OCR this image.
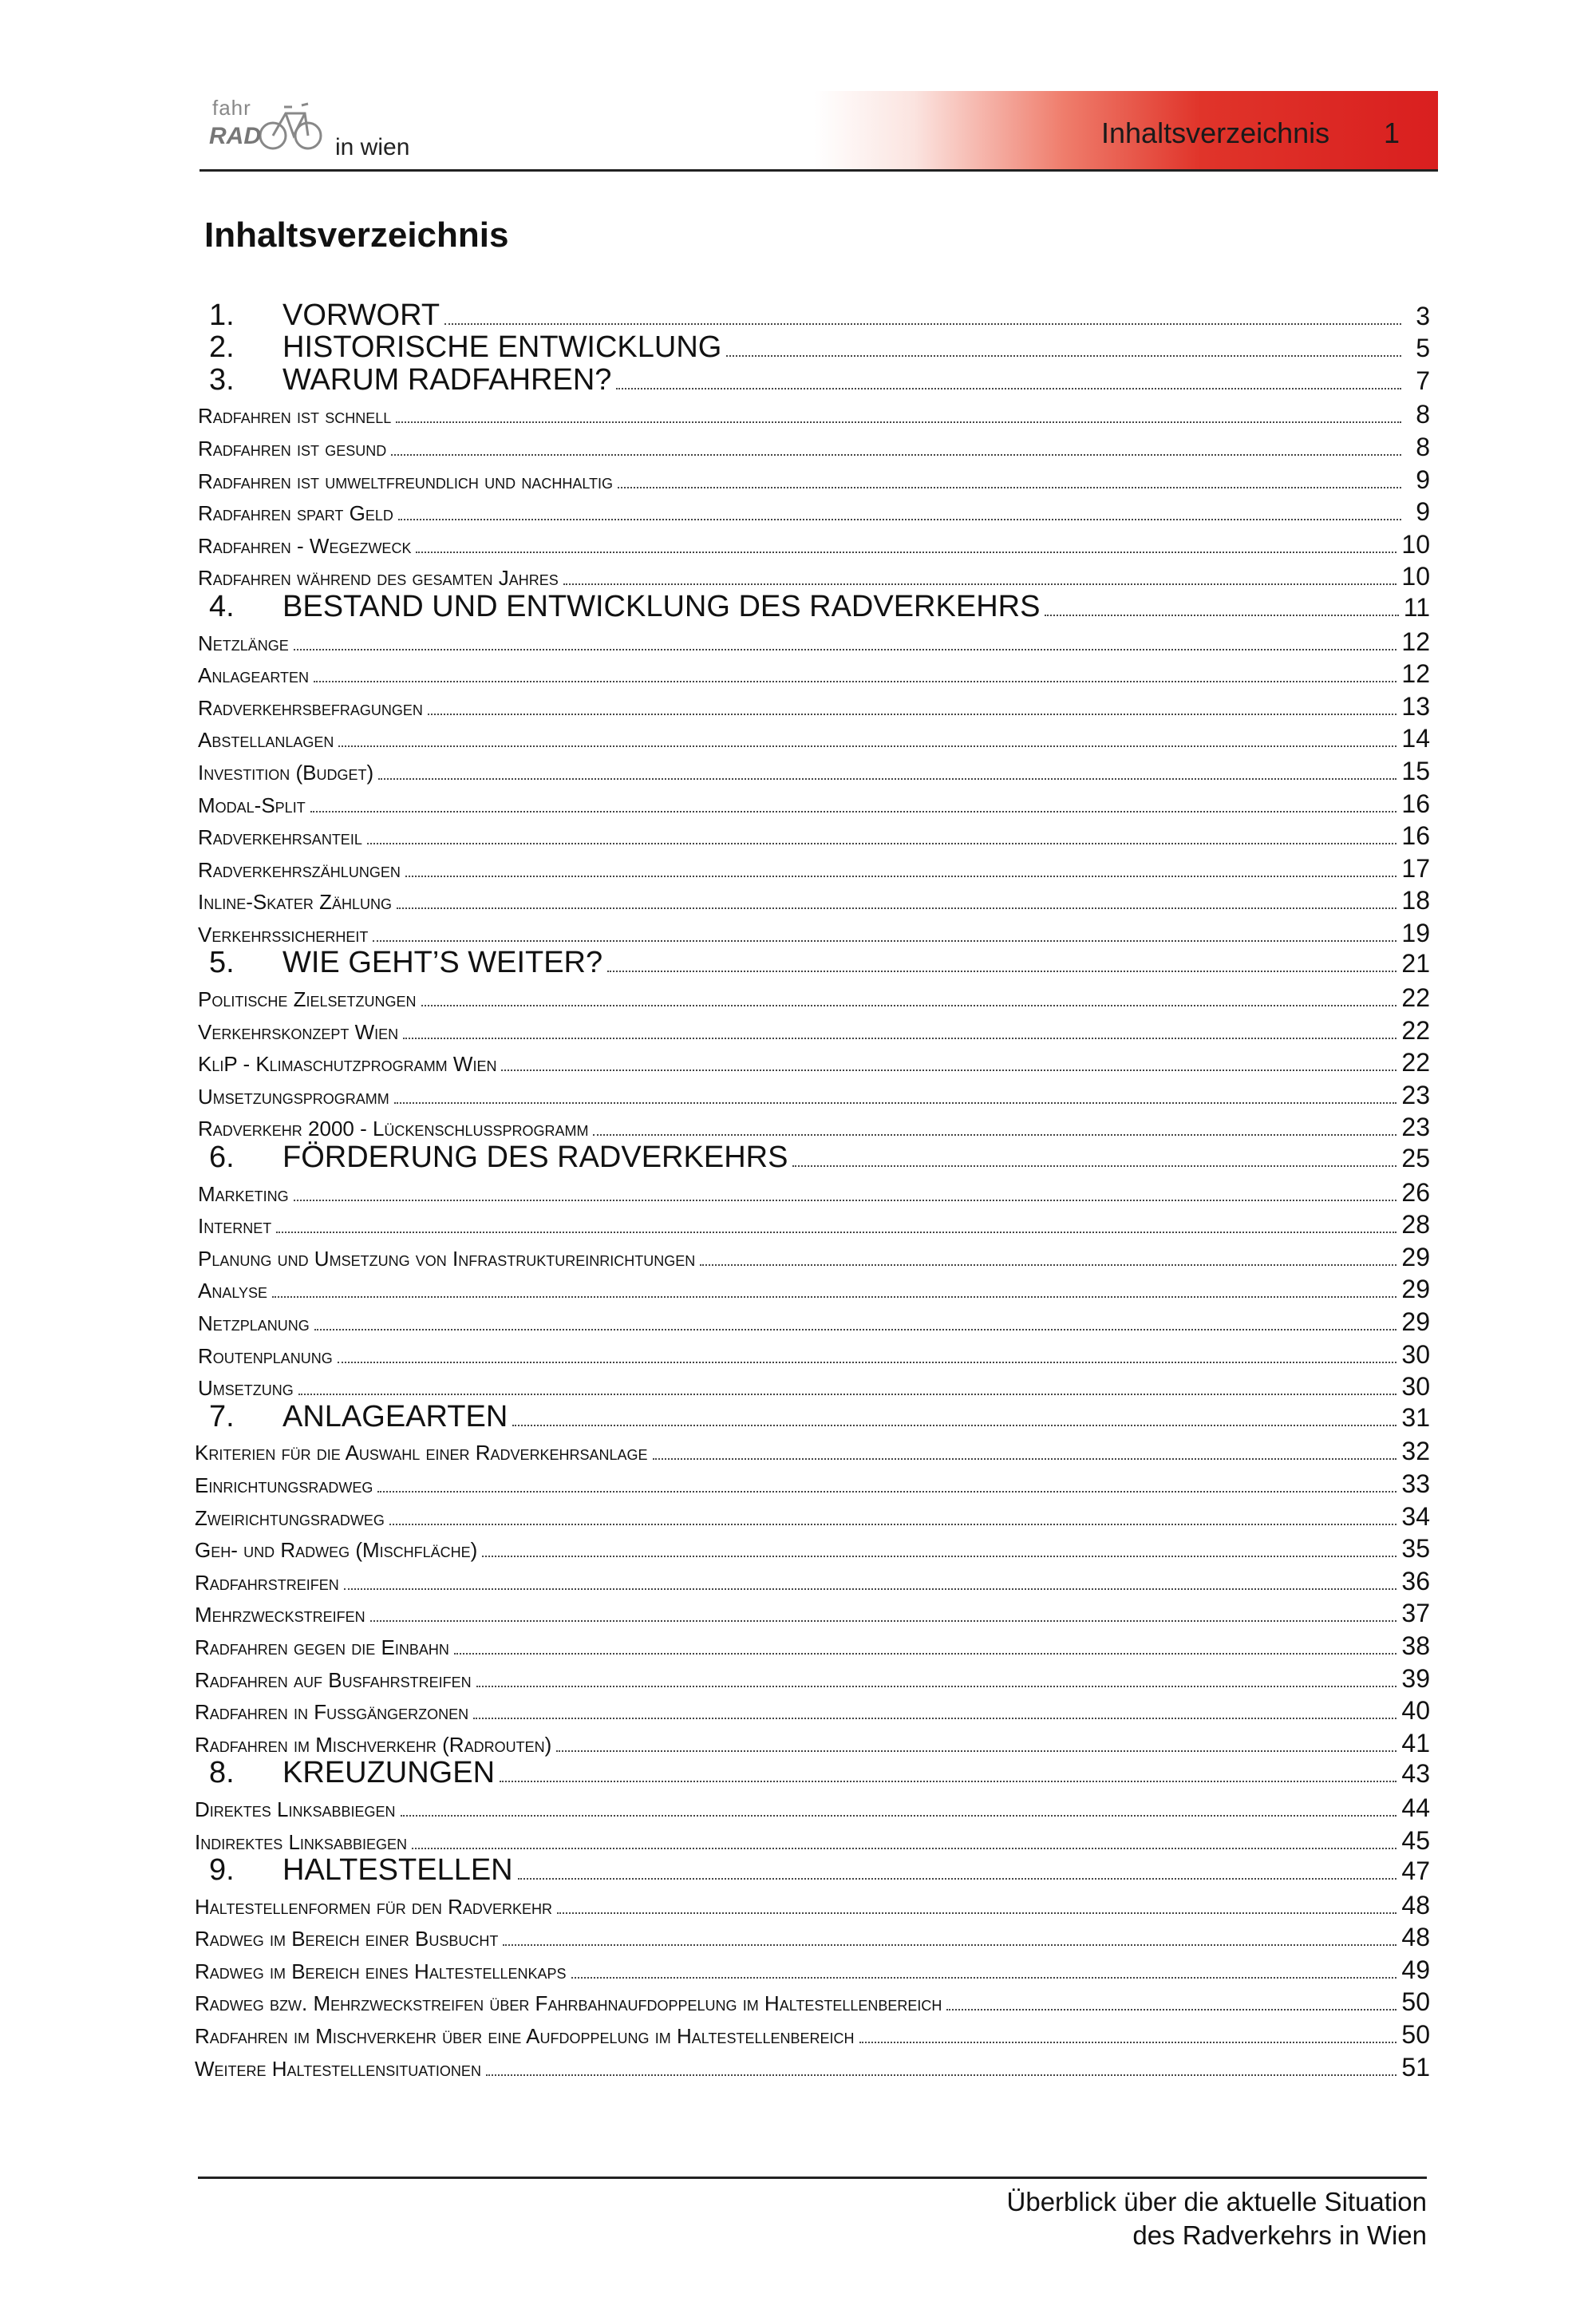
fahr
RAD	in wien	Inhaltsverzeichnis 1
Inhaltsverzeichnis
1.	VORWORT	3
2.	HISTORISCHE ENTWICKLUNG	5
3.	WARUM RADFAHREN?	7
Radfahren ist schnell	8
Radfahren ist gesund	8
Radfahren ist umweltfreundlich und nachhaltig	9
Radfahren spart Geld	9
Radfahren - Wegezweck	10
Radfahren während des gesamten Jahres	10
4.	BESTAND UND ENTWICKLUNG DES RADVERKEHRS	11
Netzlänge	12
Anlagearten	12
Radverkehrsbefragungen	13
Abstellanlagen	14
Investition (Budget)	15
Modal-Split	16
Radverkehrsanteil	16
Radverkehrszählungen	17
Inline-Skater Zählung	18
Verkehrssicherheit	19
5.	WIE GEHT’S WEITER?	21
Politische Zielsetzungen	22
Verkehrskonzept Wien	22
KliP - Klimaschutzprogramm Wien	22
Umsetzungsprogramm	23
Radverkehr 2000 - Lückenschlussprogramm	23
6.	FÖRDERUNG DES RADVERKEHRS	25
Marketing	26
Internet	28
Planung und Umsetzung von Infrastruktureinrichtungen	29
Analyse	29
Netzplanung	29
Routenplanung	30
Umsetzung	30
7.	ANLAGEARTEN	31
Kriterien für die Auswahl einer Radverkehrsanlage	32
Einrichtungsradweg	33
Zweirichtungsradweg	34
Geh- und Radweg (Mischfläche)	35
Radfahrstreifen	36
Mehrzweckstreifen	37
Radfahren gegen die Einbahn	38
Radfahren auf Busfahrstreifen	39
Radfahren in Fußgängerzonen	40
Radfahren im Mischverkehr (Radrouten)	41
8.	KREUZUNGEN	43
Direktes Linksabbiegen	44
Indirektes Linksabbiegen	45
9.	HALTESTELLEN	47
Haltestellenformen für den Radverkehr	48
Radweg im Bereich einer Busbucht	48
Radweg im Bereich eines Haltestellenkaps	49
Radweg bzw. Mehrzweckstreifen über Fahrbahnaufdoppelung im Haltestellenbereich	50
Radfahren im Mischverkehr über eine Aufdoppelung im Haltestellenbereich	50
Weitere Haltestellensituationen	51
Überblick über die aktuelle Situation
des Radverkehrs in Wien
